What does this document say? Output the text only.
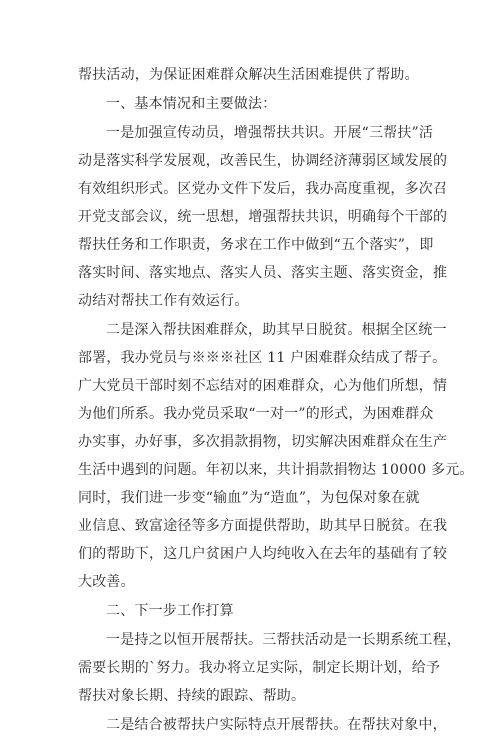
帮扶活动，为保证困难群众解决生活困难提供了帮助。
一、基本情况和主要做法：
一是加强宣传动员，增强帮扶共识。开展“三帮扶”活
动是落实科学发展观，改善民生，协调经济薄弱区域发展的
有效组织形式。区党办文件下发后，我办高度重视，多次召
开党支部会议，统一思想，增强帮扶共识，明确每个干部的
帮扶任务和工作职责，务求在工作中做到“五个落实”，即
落实时间、落实地点、落实人员、落实主题、落实资金，推
动结对帮扶工作有效运行。
二是深入帮扶困难群众，助其早日脱贫。根据全区统一
部署，我办党员与※※※社区 11 户困难群众结成了帮子。
广大党员干部时刻不忘结对的困难群众，心为他们所想，情
为他们所系。我办党员采取“一对一”的形式，为困难群众
办实事，办好事，多次捐款捐物，切实解决困难群众在生产
生活中遇到的问题。年初以来，共计捐款捐物达 10000 多元。
同时，我们进一步变“输血”为“造血”，为包保对象在就
业信息、致富途径等多方面提供帮助，助其早日脱贫。在我
们的帮助下，这几户贫困户人均纯收入在去年的基础有了较
大改善。
二、下一步工作打算
一是持之以恒开展帮扶。三帮扶活动是一长期系统工程，
需要长期的`努力。我办将立足实际，制定长期计划，给予
帮扶对象长期、持续的跟踪、帮助。
二是结合被帮扶户实际特点开展帮扶。在帮扶对象中，
